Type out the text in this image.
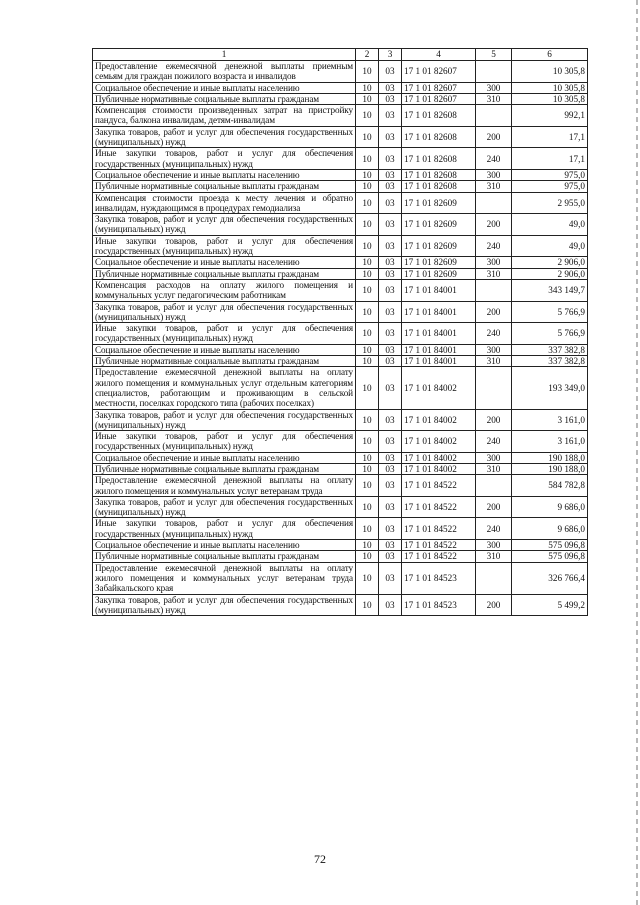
1	2	3	4	5	6
Предоставление ежемесячной денежной выплаты приемным семьям для граждан пожилого возраста и инвалидов	10	03	17 1 01 82607		10 305,8
Социальное обеспечение и иные выплаты населению	10	03	17 1 01 82607	300	10 305,8
Публичные нормативные социальные выплаты гражданам	10	03	17 1 01 82607	310	10 305,8
Компенсация стоимости произведенных затрат на пристройку пандуса, балкона инвалидам, детям-инвалидам	10	03	17 1 01 82608		992,1
Закупка товаров, работ и услуг для обеспечения государственных (муниципальных) нужд	10	03	17 1 01 82608	200	17,1
Иные закупки товаров, работ и услуг для обеспечения государственных (муниципальных) нужд	10	03	17 1 01 82608	240	17,1
Социальное обеспечение и иные выплаты населению	10	03	17 1 01 82608	300	975,0
Публичные нормативные социальные выплаты гражданам	10	03	17 1 01 82608	310	975,0
Компенсация стоимости проезда к месту лечения и обратно инвалидам, нуждающимся в процедурах гемодиализа	10	03	17 1 01 82609		2 955,0
Закупка товаров, работ и услуг для обеспечения государственных (муниципальных) нужд	10	03	17 1 01 82609	200	49,0
Иные закупки товаров, работ и услуг для обеспечения государственных (муниципальных) нужд	10	03	17 1 01 82609	240	49,0
Социальное обеспечение и иные выплаты населению	10	03	17 1 01 82609	300	2 906,0
Публичные нормативные социальные выплаты гражданам	10	03	17 1 01 82609	310	2 906,0
Компенсация расходов на оплату жилого помещения и коммунальных услуг педагогическим работникам	10	03	17 1 01 84001		343 149,7
Закупка товаров, работ и услуг для обеспечения государственных (муниципальных) нужд	10	03	17 1 01 84001	200	5 766,9
Иные закупки товаров, работ и услуг для обеспечения государственных (муниципальных) нужд	10	03	17 1 01 84001	240	5 766,9
Социальное обеспечение и иные выплаты населению	10	03	17 1 01 84001	300	337 382,8
Публичные нормативные социальные выплаты гражданам	10	03	17 1 01 84001	310	337 382,8
Предоставление ежемесячной денежной выплаты на оплату жилого помещения и коммунальных услуг отдельным категориям специалистов, работающим и проживающим в сельской местности, поселках городского типа (рабочих поселках)	10	03	17 1 01 84002		193 349,0
Закупка товаров, работ и услуг для обеспечения государственных (муниципальных) нужд	10	03	17 1 01 84002	200	3 161,0
Иные закупки товаров, работ и услуг для обеспечения государственных (муниципальных) нужд	10	03	17 1 01 84002	240	3 161,0
Социальное обеспечение и иные выплаты населению	10	03	17 1 01 84002	300	190 188,0
Публичные нормативные социальные выплаты гражданам	10	03	17 1 01 84002	310	190 188,0
Предоставление ежемесячной денежной выплаты на оплату жилого помещения и коммунальных услуг ветеранам труда	10	03	17 1 01 84522		584 782,8
Закупка товаров, работ и услуг для обеспечения государственных (муниципальных) нужд	10	03	17 1 01 84522	200	9 686,0
Иные закупки товаров, работ и услуг для обеспечения государственных (муниципальных) нужд	10	03	17 1 01 84522	240	9 686,0
Социальное обеспечение и иные выплаты населению	10	03	17 1 01 84522	300	575 096,8
Публичные нормативные социальные выплаты гражданам	10	03	17 1 01 84522	310	575 096,8
Предоставление ежемесячной денежной выплаты на оплату жилого помещения и коммунальных услуг ветеранам труда Забайкальского края	10	03	17 1 01 84523		326 766,4
Закупка товаров, работ и услуг для обеспечения государственных (муниципальных) нужд	10	03	17 1 01 84523	200	5 499,2
72
